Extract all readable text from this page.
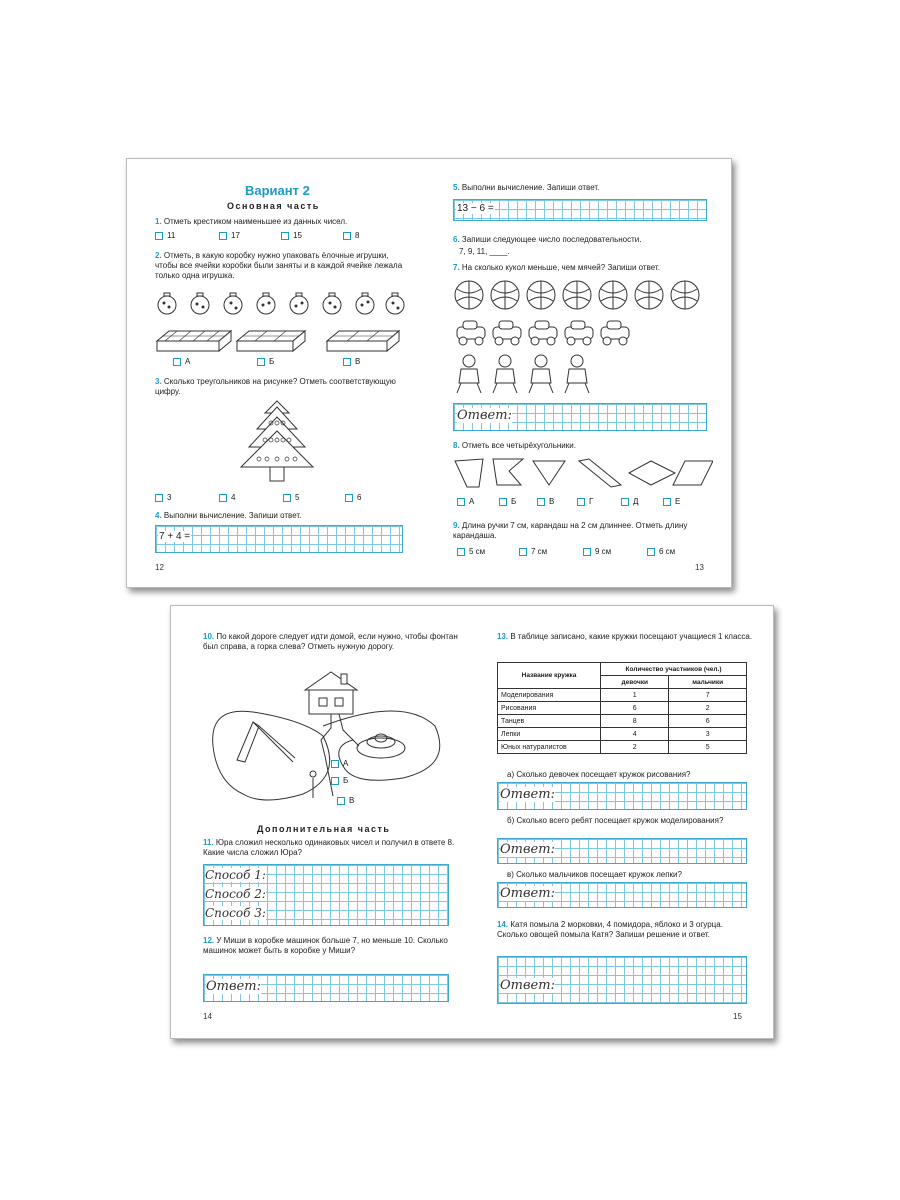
Вариант 2
Основная часть
1. Отметь крестиком наименьшее из данных чисел.
11	17	15	8
2. Отметь, в какую коробку нужно упаковать ёлочные игрушки, чтобы все ячейки коробки были заняты и в каждой ячейке лежала только одна игрушка.
А	Б	В
3. Сколько треугольников на рисунке? Отметь соответствующую цифру.
3	4	5	6
4. Выполни вычисление. Запиши ответ.
7 + 4 =
12
5. Выполни вычисление. Запиши ответ.
13 − 6 =
6. Запиши следующее число последовательности.
7, 9, 11, ____.
7. На сколько кукол меньше, чем мячей? Запиши ответ.
Ответ:
8. Отметь все четырёхугольники.
А	Б	В	Г	Д	Е
9. Длина ручки 7 см, карандаш на 2 см длиннее. Отметь длину карандаша.
5 см	7 см	9 см	6 см
13
10. По какой дороге следует идти домой, если нужно, чтобы фонтан был справа, а горка слева? Отметь нужную дорогу.
А
Б
В
Дополнительная часть
11. Юра сложил несколько одинаковых чисел и получил в ответе 8. Какие числа сложил Юра?
Способ 1:
Способ 2:
Способ 3:
12. У Миши в коробке машинок больше 7, но меньше 10. Сколько машинок может быть в коробке у Миши?
Ответ:
14
13. В таблице записано, какие кружки посещают учащиеся 1 класса.
Название кружка	Количество участников (чел.)	
	девочки	мальчики
Моделирования	1	7
Рисования	6	2
Танцев	8	6
Лепки	4	3
Юных натуралистов	2	5
а) Сколько девочек посещает кружок рисования?
Ответ:
б) Сколько всего ребят посещает кружок моделирования?
Ответ:
в) Сколько мальчиков посещает кружок лепки?
Ответ:
14. Катя помыла 2 морковки, 4 помидора, яблоко и 3 огурца. Сколько овощей помыла Катя? Запиши решение и ответ.
Ответ:
15
